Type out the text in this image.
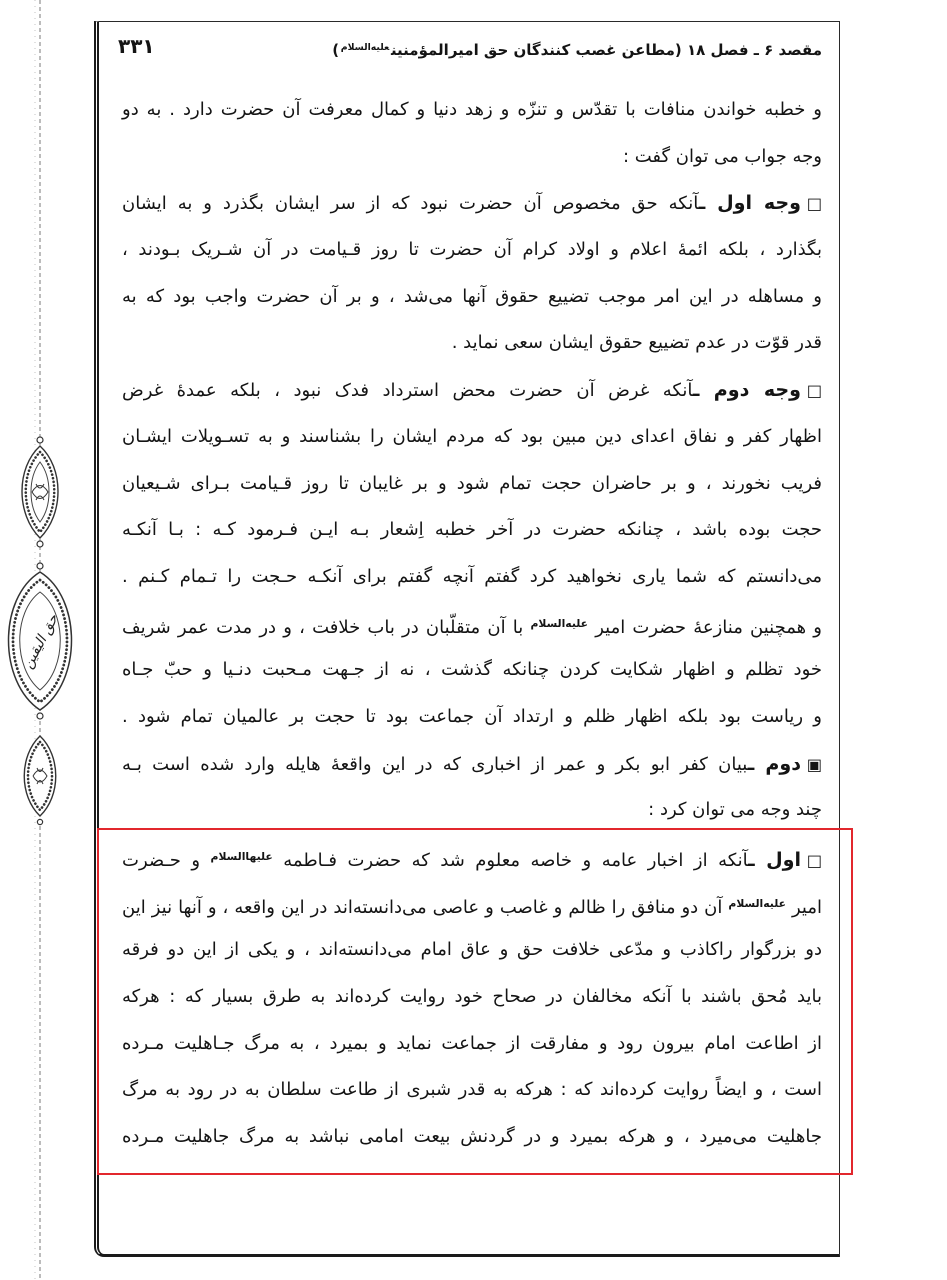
حق الیقین
۳۳۱	مقصد ۶ ـ فصل ۱۸ (مطاعن غصب کنندگان حق امیرالمؤمنین$^{علیه‌السلام}$)
و خطبه خواندن منافات با تقدّس و تنزّه و زهد دنیا و کمال معرفت آن حضرت دارد . به دو
وجه جواب می توان گفت :
□وجه اول ـآنکه حق مخصوص آن حضرت نبود که از سر ایشان بگذرد و به ایشان
بگذارد ، بلکه ائمهٔ اعلام و اولاد کرام آن حضرت تا روز قـیامت در آن شـریک بـودند ،
و مساهله در این امر موجب تضییع حقوق آنها می‌شد ، و بر آن حضرت واجب بود که به
قدر قوّت در عدم تضییع حقوق ایشان سعی نماید .
□وجه دوم ـآنکه غرض آن حضرت محض استرداد فدک نبود ، بلکه عمدهٔ غرض
اظهار کفر و نفاق اعدای دین مبین بود که مردم ایشان را بشناسند و به تسـویلات ایشـان
فریب نخورند ، و بر حاضران حجت تمام شود و بر غایبان تا روز قـیامت بـرای شـیعیان
حجت بوده باشد ، چنانکه حضرت در آخر خطبه اِشعار بـه ایـن فـرمود کـه : بـا آنکـه
می‌دانستم که شما یاری نخواهید کرد گفتم آنچه گفتم برای آنکـه حـجت را تـمام کـنم .
و همچنین منازعهٔ حضرت امیر $^{علیه‌السلام}$ با آن متقلّبان در باب خلافت ، و در مدت عمر شریف
خود تظلم و اظهار شکایت کردن چنانکه گذشت ، نه از جـهت مـحبت دنـیا و حبّ جـاه
و ریاست بود بلکه اظهار ظلم و ارتداد آن جماعت بود تا حجت بر عالمیان تمام شود .
▣دوم ـبیان کفر ابو بکر و عمر از اخباری که در این واقعهٔ هایله وارد شده است بـه
چند وجه می توان کرد :
□اول ـآنکه از اخبار عامه و خاصه معلوم شد که حضرت فـاطمه $^{علیها‌السلام}$ و حـضرت
امیر $^{علیه‌السلام}$ آن دو منافق را ظالم و غاصب و عاصی می‌دانسته‌اند در این واقعه ، و آنها نیز این
دو بزرگوار راکاذب و مدّعی خلافت حق و عاق امام می‌دانسته‌اند ، و یکی از این دو فرقه
باید مُحق باشند با آنکه مخالفان در صحاح خود روایت کرده‌اند به طرق بسیار که : هرکه
از اطاعت امام بیرون رود و مفارقت از جماعت نماید و بمیرد ، به مرگ جـاهلیت مـرده
است ، و ایضاً روایت کرده‌اند که : هرکه به قدر شبری از طاعت سلطان به در رود به مرگ
جاهلیت می‌میرد ، و هرکه بمیرد و در گردنش بیعت امامی نباشد به مرگ جاهلیت مـرده
